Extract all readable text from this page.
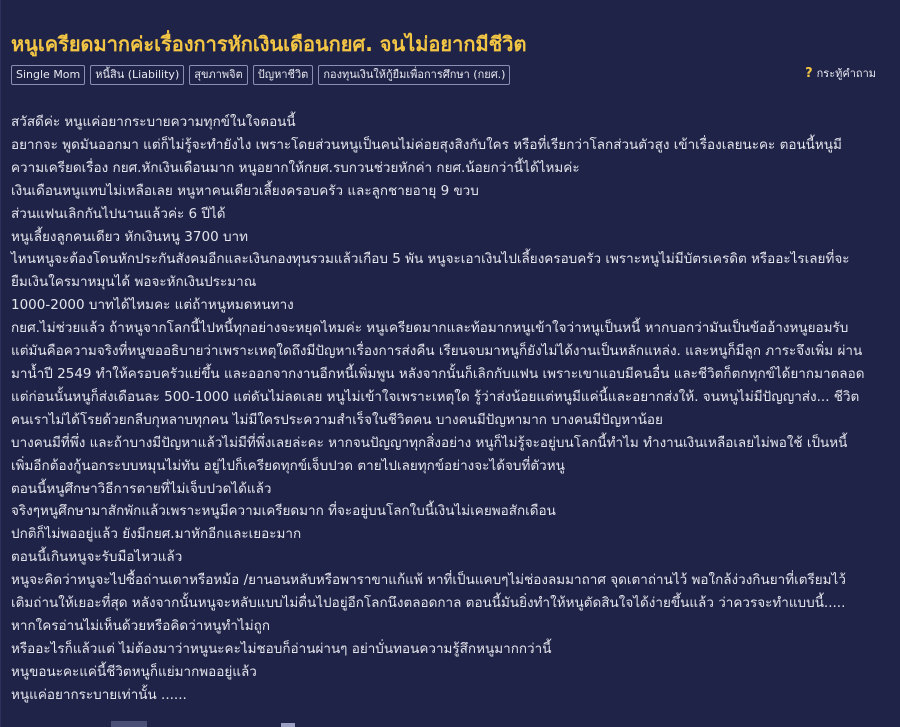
หนูเครียดมากค่ะเรื่องการหักเงินเดือนกยศ. จนไม่อยากมีชีวิต
Single Mom	หนี้สิน (Liability)	สุขภาพจิต	ปัญหาชีวิต	กองทุนเงินให้กู้ยืมเพื่อการศึกษา (กยศ.)	? กระทู้คำถาม

สวัสดีค่ะ หนูแค่อยากระบายความทุกข์ในใจตอนนี้

อยากจะ พูดมันออกมา แต่ก็ไม่รู้จะทำยังไง เพราะโดยส่วนหนูเป็นคนไม่ค่อยสุงสิงกับใคร หรือที่เรียกว่าโลกส่วนตัวสูง เข้าเรื่องเลยนะคะ ตอนนี้หนูมี

ความเครียดเรื่อง กยศ.หักเงินเดือนมาก หนูอยากให้กยศ.รบกวนช่วยหักค่า กยศ.น้อยกว่านี้ได้ไหมค่ะ

เงินเดือนหนูแทบไม่เหลือเลย หนูหาคนเดียวเลี้ยงครอบครัว และลูกชายอายุ 9 ขวบ

ส่วนแฟนเลิกกันไปนานแล้วค่ะ 6 ปีได้

หนูเลี้ยงลูกคนเดียว หักเงินหนู 3700 บาท

ไหนหนูจะต้องโดนหักประกันสังคมอีกและเงินกองทุนรวมแล้วเกือบ 5 พัน หนูจะเอาเงินไปเลี้ยงครอบครัว เพราะหนูไม่มีบัตรเครดิต หรืออะไรเลยที่จะ

ยืมเงินใครมาหมุนได้ พอจะหักเงินประมาณ

1000-2000 บาทได้ไหมคะ แต่ถ้าหนูหมดหนทาง

กยศ.ไม่ช่วยแล้ว ถ้าหนูจากโลกนี้ไปหนี้ทุกอย่างจะหยุดไหมค่ะ หนูเครียดมากและท้อมากหนูเข้าใจว่าหนูเป็นหนี้ หากบอกว่ามันเป็นข้ออ้างหนูยอมรับ

แต่มันคือความจริงที่หนูขออธิบายว่าเพราะเหตุใดถึงมีปัญหาเรื่องการส่งคืน เรียนจบมาหนูก็ยังไม่ได้งานเป็นหลักแหล่ง. และหนูก็มีลูก ภาระจึงเพิ่ม ผ่าน

มาน้ำปี 2549 ทำให้ครอบครัวแย่ขึ้น และออกจากงานอีกหนี้เพิ่มพูน หลังจากนั้นก็เลิกกับแฟน เพราะเขาแอบมีคนอื่น และชีวิตก็ตกทุกข์ได้ยากมาตลอด

แต่ก่อนนั้นหนูก็ส่งเดือนละ 500-1000 แต่ดันไม่ลดเลย หนูไม่เข้าใจเพราะเหตุใด รู้ว่าส่งน้อยแต่หนูมีแค่นี้และอยากส่งให้. จนหนูไม่มีปัญญาส่ง... ชีวิต

คนเราไม่ได้โรยด้วยกลีบกุหลาบทุกคน ไม่มีใครประความสำเร็จในชีวิตคน บางคนมีปัญหามาก บางคนมีปัญหาน้อย

บางคนมีที่พึ่ง และถ้าบางมีปัญหาแล้วไม่มีที่พึ่งเลยล่ะคะ หากจนปัญญาทุกสิ่งอย่าง หนูก็ไม่รู้จะอยู่บนโลกนี้ทำไม ทำงานเงินเหลือเลยไม่พอใช้ เป็นหนี้

เพิ่มอีกต้องกู้นอกระบบหมุนไม่ทัน อยู่ไปก็เครียดทุกข์เจ็บปวด ตายไปเลยทุกข์อย่างจะได้จบที่ตัวหนู

ตอนนี้หนูศึกษาวิธีการตายที่ไม่เจ็บปวดได้แล้ว

จริงๆหนูศึกษามาสักพักแล้วเพราะหนูมีความเครียดมาก ที่จะอยู่บนโลกใบนี้เงินไม่เคยพอสักเดือน

ปกติก็ไม่พออยู่แล้ว ยังมีกยศ.มาหักอีกและเยอะมาก

ตอนนี้เกินหนูจะรับมือไหวแล้ว

หนูจะคิดว่าหนูจะไปซื้อถ่านเตาหรือหม้อ /ยานอนหลับหรือพาราขาแก้แพ้ หาที่เป็นแคบๆไม่ช่องลมมาถาศ จุดเตาถ่านไว้ พอใกล้ง่วงกินยาที่เตรียมไว้

เติมถ่านให้เยอะที่สุด หลังจากนั้นหนูจะหลับแบบไม่ตื่นไปอยู่อีกโลกนึงตลอดกาล ตอนนี้มันยิ่งทำให้หนูตัดสินใจได้ง่ายขึ้นแล้ว ว่าควรจะทำแบบนี้.....

หากใครอ่านไม่เห็นด้วยหรือคิดว่าหนูทำไม่ถูก

หรืออะไรก็แล้วแต่ ไม่ต้องมาว่าหนูนะคะไม่ชอบก็อ่านผ่านๆ อย่าบั่นทอนความรู้สึกหนูมากกว่านี้

หนูขอนะคะแค่นี้ชีวิตหนูก็แย่มากพออยู่แล้ว

หนูแค่อยากระบายเท่านั้น ......
